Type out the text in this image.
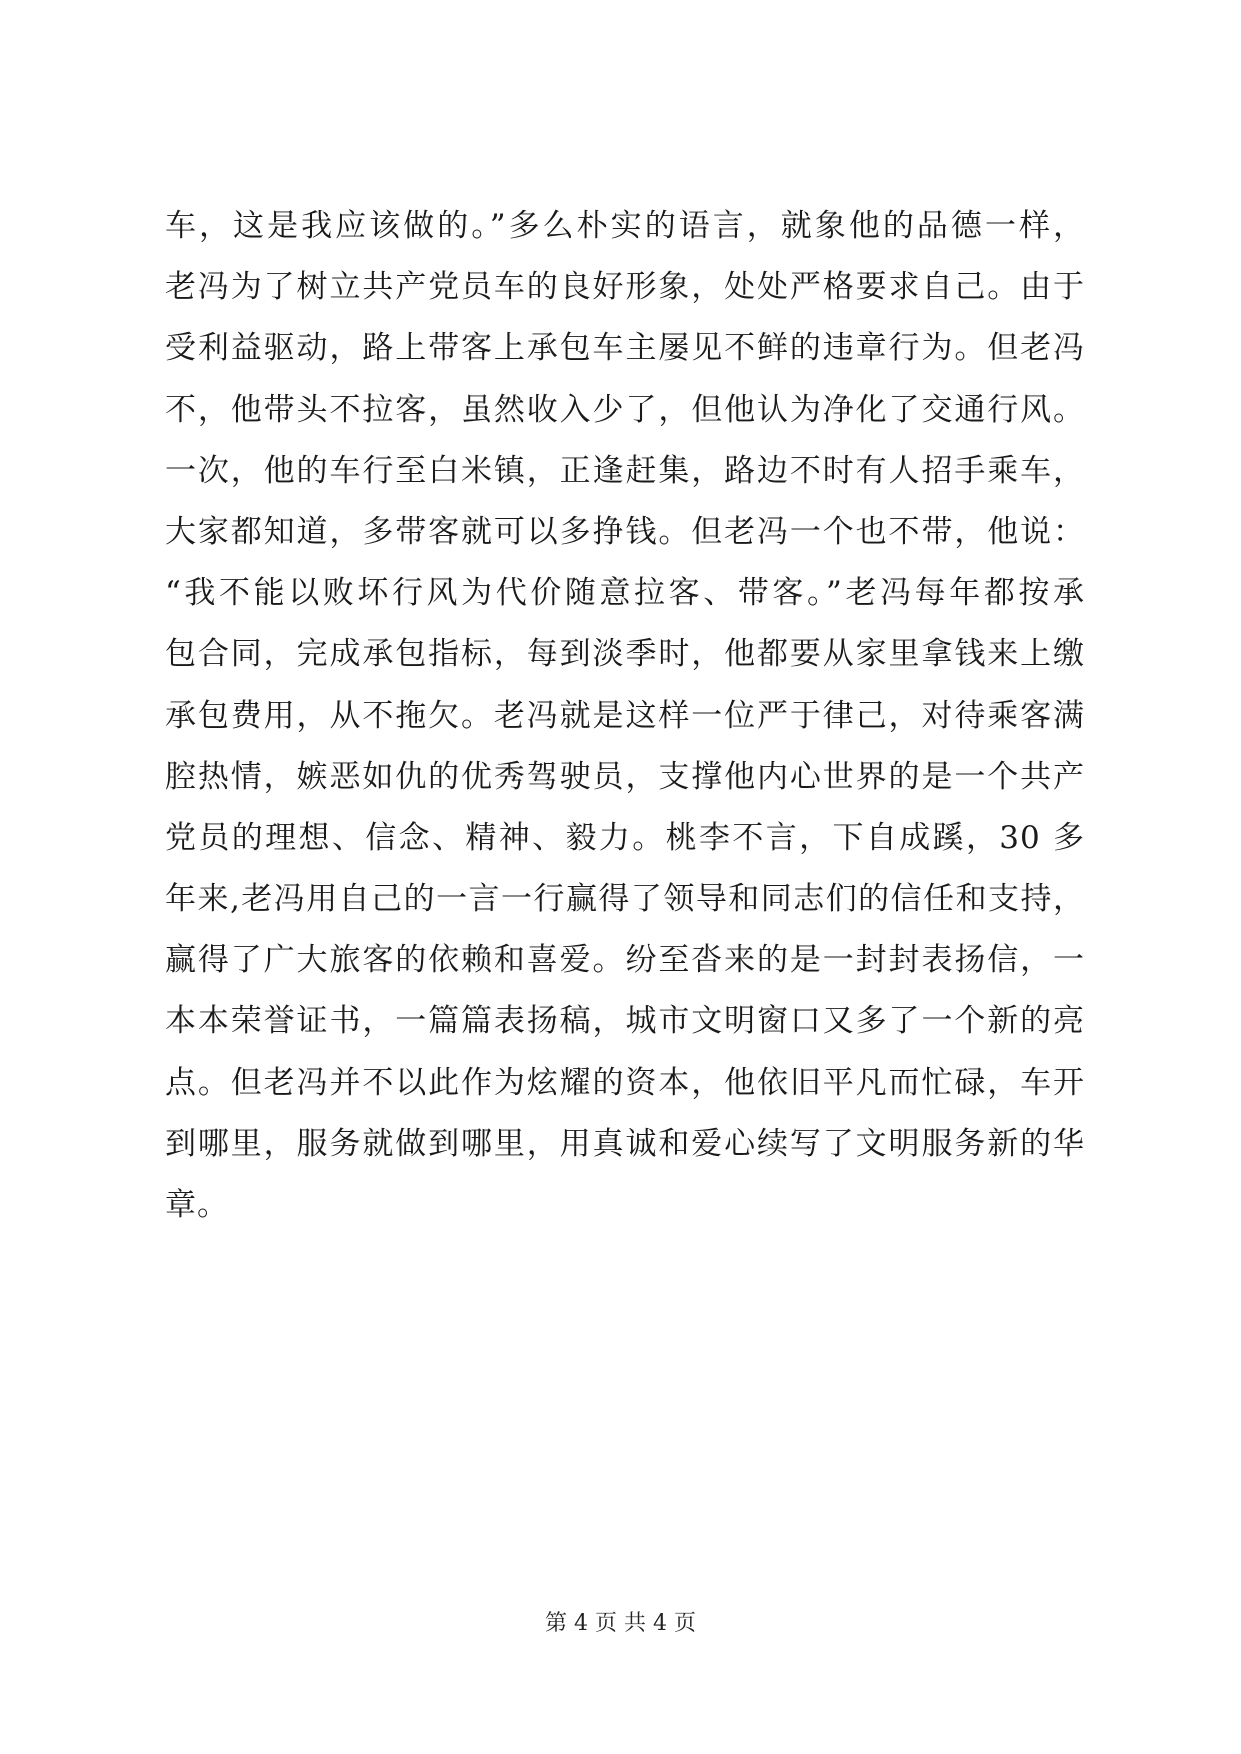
车，这是我应该做的。”多么朴实的语言，就象他的品德一样，
老冯为了树立共产党员车的良好形象，处处严格要求自己。由于
受利益驱动，路上带客上承包车主屡见不鲜的违章行为。但老冯
不，他带头不拉客，虽然收入少了，但他认为净化了交通行风。
一次，他的车行至白米镇，正逢赶集，路边不时有人招手乘车，
大家都知道，多带客就可以多挣钱。但老冯一个也不带，他说：
“我不能以败坏行风为代价随意拉客、带客。”老冯每年都按承
包合同，完成承包指标，每到淡季时，他都要从家里拿钱来上缴
承包费用，从不拖欠。老冯就是这样一位严于律己，对待乘客满
腔热情，嫉恶如仇的优秀驾驶员，支撑他内心世界的是一个共产
党员的理想、信念、精神、毅力。桃李不言，下自成蹊，30 多
年来,老冯用自己的一言一行赢得了领导和同志们的信任和支持，
赢得了广大旅客的依赖和喜爱。纷至沓来的是一封封表扬信，一
本本荣誉证书，一篇篇表扬稿，城市文明窗口又多了一个新的亮
点。但老冯并不以此作为炫耀的资本，他依旧平凡而忙碌，车开
到哪里，服务就做到哪里，用真诚和爱心续写了文明服务新的华
章。
第 4 页 共 4 页
